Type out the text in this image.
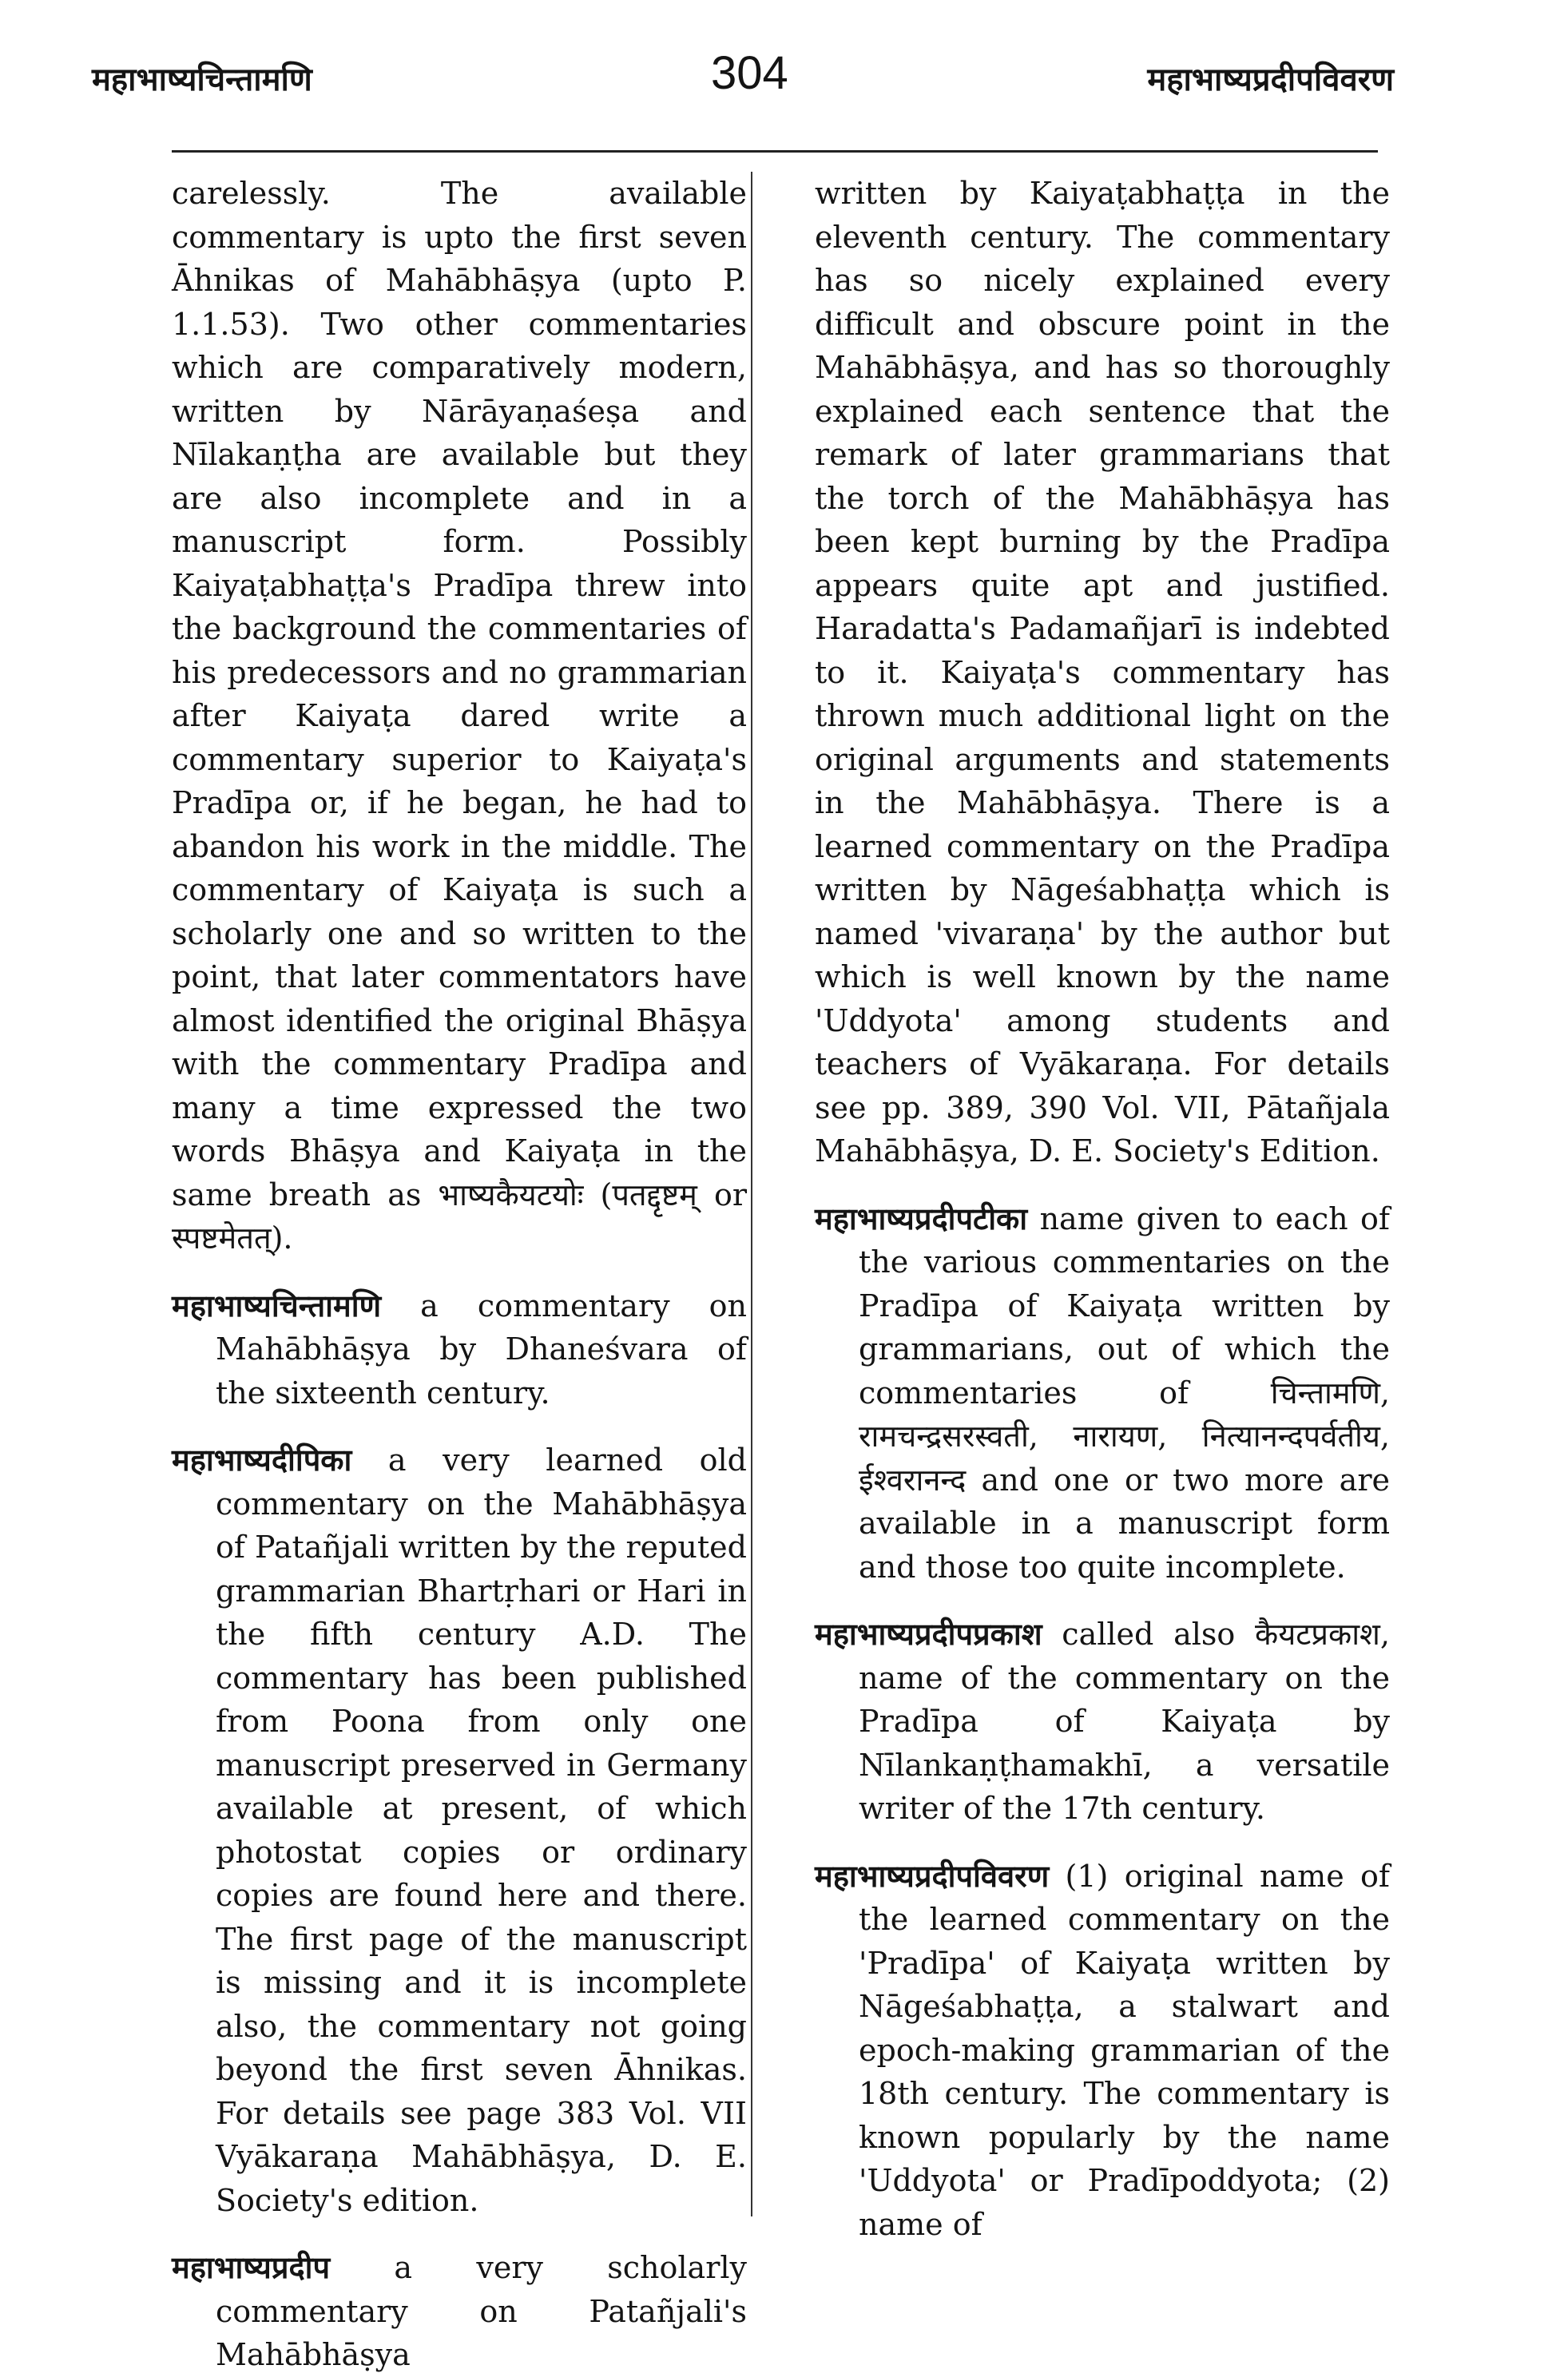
महाभाष्यचिन्तामणि	304	महाभाष्यप्रदीपविवरण

carelessly. The available commentary is upto the first seven Āhnikas of Mahābhāṣya (upto P. 1.1.53). Two other commentaries which are comparatively modern, written by Nārāyaṇaśeṣa and Nīlakaṇṭha are available but they are also incomplete and in a manuscript form. Possibly Kaiyaṭabhaṭṭa's Pradīpa threw into the background the commentaries of his predecessors and no grammarian after Kaiyaṭa dared write a commentary superior to Kaiyaṭa's Pradīpa or, if he began, he had to abandon his work in the middle. The commentary of Kaiyaṭa is such a scholarly one and so written to the point, that later commentators have almost identified the original Bhāṣya with the commentary Pradīpa and many a time expressed the two words Bhāṣya and Kaiyaṭa in the same breath as भाष्यकैयटयोः (पतद्दृष्टम् or स्पष्टमेतत्).

महाभाष्यचिन्तामणि a commentary on Mahābhāṣya by Dhaneśvara of the sixteenth century.

महाभाष्यदीपिका a very learned old commentary on the Mahābhāṣya of Patañjali written by the reputed grammarian Bhartṛhari or Hari in the fifth century A.D. The commentary has been published from Poona from only one manuscript preserved in Germany available at present, of which photostat copies or ordinary copies are found here and there. The first page of the manuscript is missing and it is incomplete also, the commentary not going beyond the first seven Āhnikas. For details see page 383 Vol. VII Vyākaraṇa Mahābhāṣya, D. E. Society's edition.

महाभाष्यप्रदीप a very scholarly commentary on Patañjali's Mahābhāṣya

written by Kaiyaṭabhaṭṭa in the eleventh century. The commentary has so nicely explained every difficult and obscure point in the Mahābhāṣya, and has so thoroughly explained each sentence that the remark of later grammarians that the torch of the Mahābhāṣya has been kept burning by the Pradīpa appears quite apt and justified. Haradatta's Padamañjarī is indebted to it. Kaiyaṭa's commentary has thrown much additional light on the original arguments and statements in the Mahābhāṣya. There is a learned commentary on the Pradīpa written by Nāgeśabhaṭṭa which is named 'vivaraṇa' by the author but which is well known by the name 'Uddyota' among students and teachers of Vyākaraṇa. For details see pp. 389, 390 Vol. VII, Pātañjala Mahābhāṣya, D. E. Society's Edition.

महाभाष्यप्रदीपटीका name given to each of the various commentaries on the Pradīpa of Kaiyaṭa written by grammarians, out of which the commentaries of चिन्तामणि, रामचन्द्रसरस्वती, नारायण, नित्यानन्दपर्वतीय, ईश्वरानन्द and one or two more are available in a manuscript form and those too quite incomplete.

महाभाष्यप्रदीपप्रकाश called also कैयटप्रकाश, name of the commentary on the Pradīpa of Kaiyaṭa by Nīlankaṇṭhamakhī, a versatile writer of the 17th century.

महाभाष्यप्रदीपविवरण (1) original name of the learned commentary on the 'Pradīpa' of Kaiyaṭa written by Nāgeśabhaṭṭa, a stalwart and epoch-making grammarian of the 18th century. The commentary is known popularly by the name 'Uddyota' or Pradīpoddyota; (2) name of
